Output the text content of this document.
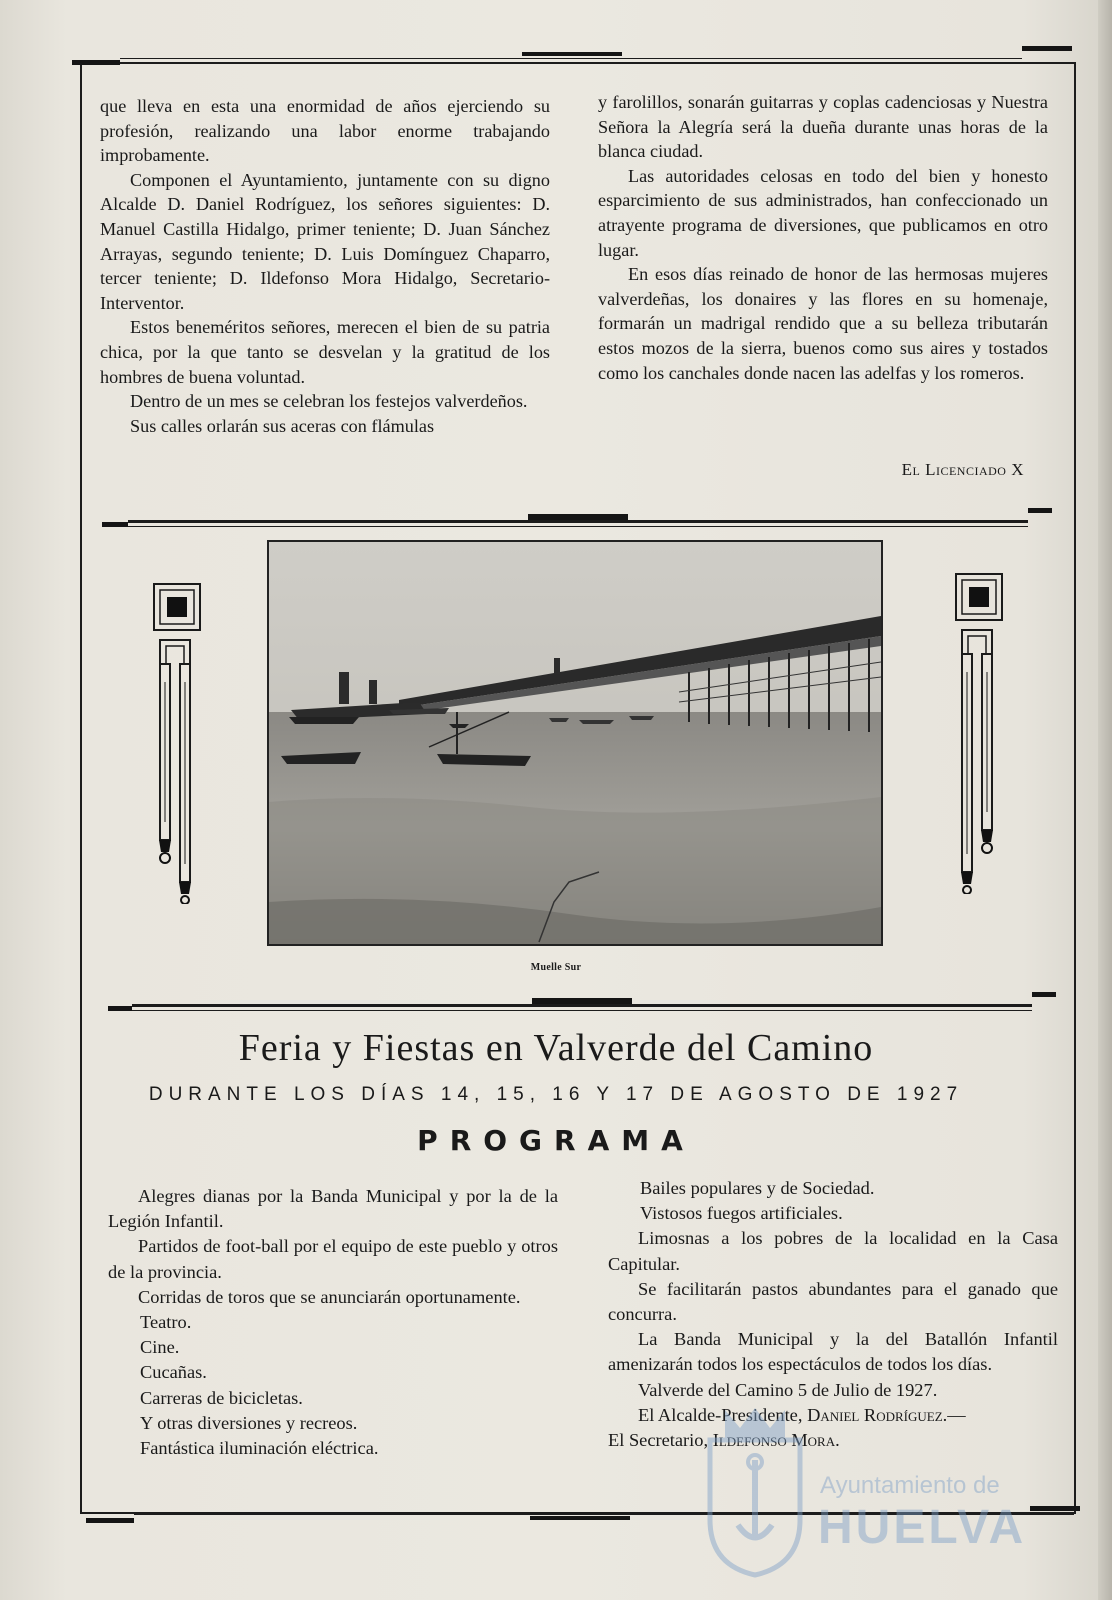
que lleva en esta una enormidad de años ejerciendo su profesión, realizando una labor enorme trabajando improbamente.

Componen el Ayuntamiento, juntamente con su digno Alcalde D. Daniel Rodríguez, los señores siguientes: D. Manuel Castilla Hidalgo, primer teniente; D. Juan Sánchez Arrayas, segundo teniente; D. Luis Domínguez Chaparro, tercer teniente; D. Ildefonso Mora Hidalgo, Secretario-Interventor.

Estos beneméritos señores, merecen el bien de su patria chica, por la que tanto se desvelan y la gratitud de los hombres de buena voluntad.

Dentro de un mes se celebran los festejos valverdeños.

Sus calles orlarán sus aceras con flámulas

y farolillos, sonarán guitarras y coplas cadenciosas y Nuestra Señora la Alegría será la dueña durante unas horas de la blanca ciudad.

Las autoridades celosas en todo del bien y honesto esparcimiento de sus administrados, han confeccionado un atrayente programa de diversiones, que publicamos en otro lugar.

En esos días reinado de honor de las hermosas mujeres valverdeñas, los donaires y las flores en su homenaje, formarán un madrigal rendido que a su belleza tributarán estos mozos de la sierra, buenos como sus aires y tostados como los canchales donde nacen las adelfas y los romeros.

El Licenciado X
Muelle Sur
Feria y Fiestas en Valverde del Camino
DURANTE LOS DÍAS 14, 15, 16 Y 17 DE AGOSTO DE 1927
PROGRAMA

Alegres dianas por la Banda Municipal y por la de la Legión Infantil.

Partidos de foot-ball por el equipo de este pueblo y otros de la provincia.

Corridas de toros que se anunciarán oportunamente.

Teatro.

Cine.

Cucañas.

Carreras de bicicletas.

Y otras diversiones y recreos.

Fantástica iluminación eléctrica.

Bailes populares y de Sociedad.

Vistosos fuegos artificiales.

Limosnas a los pobres de la localidad en la Casa Capitular.

Se facilitarán pastos abundantes para el ganado que concurra.

La Banda Municipal y la del Batallón Infantil amenizarán todos los espectáculos de todos los días.

Valverde del Camino 5 de Julio de 1927.

El Alcalde-Presidente, Daniel Rodríguez.—

El Secretario, Ildefonso Mora.

Ayuntamiento de
HUELVA
